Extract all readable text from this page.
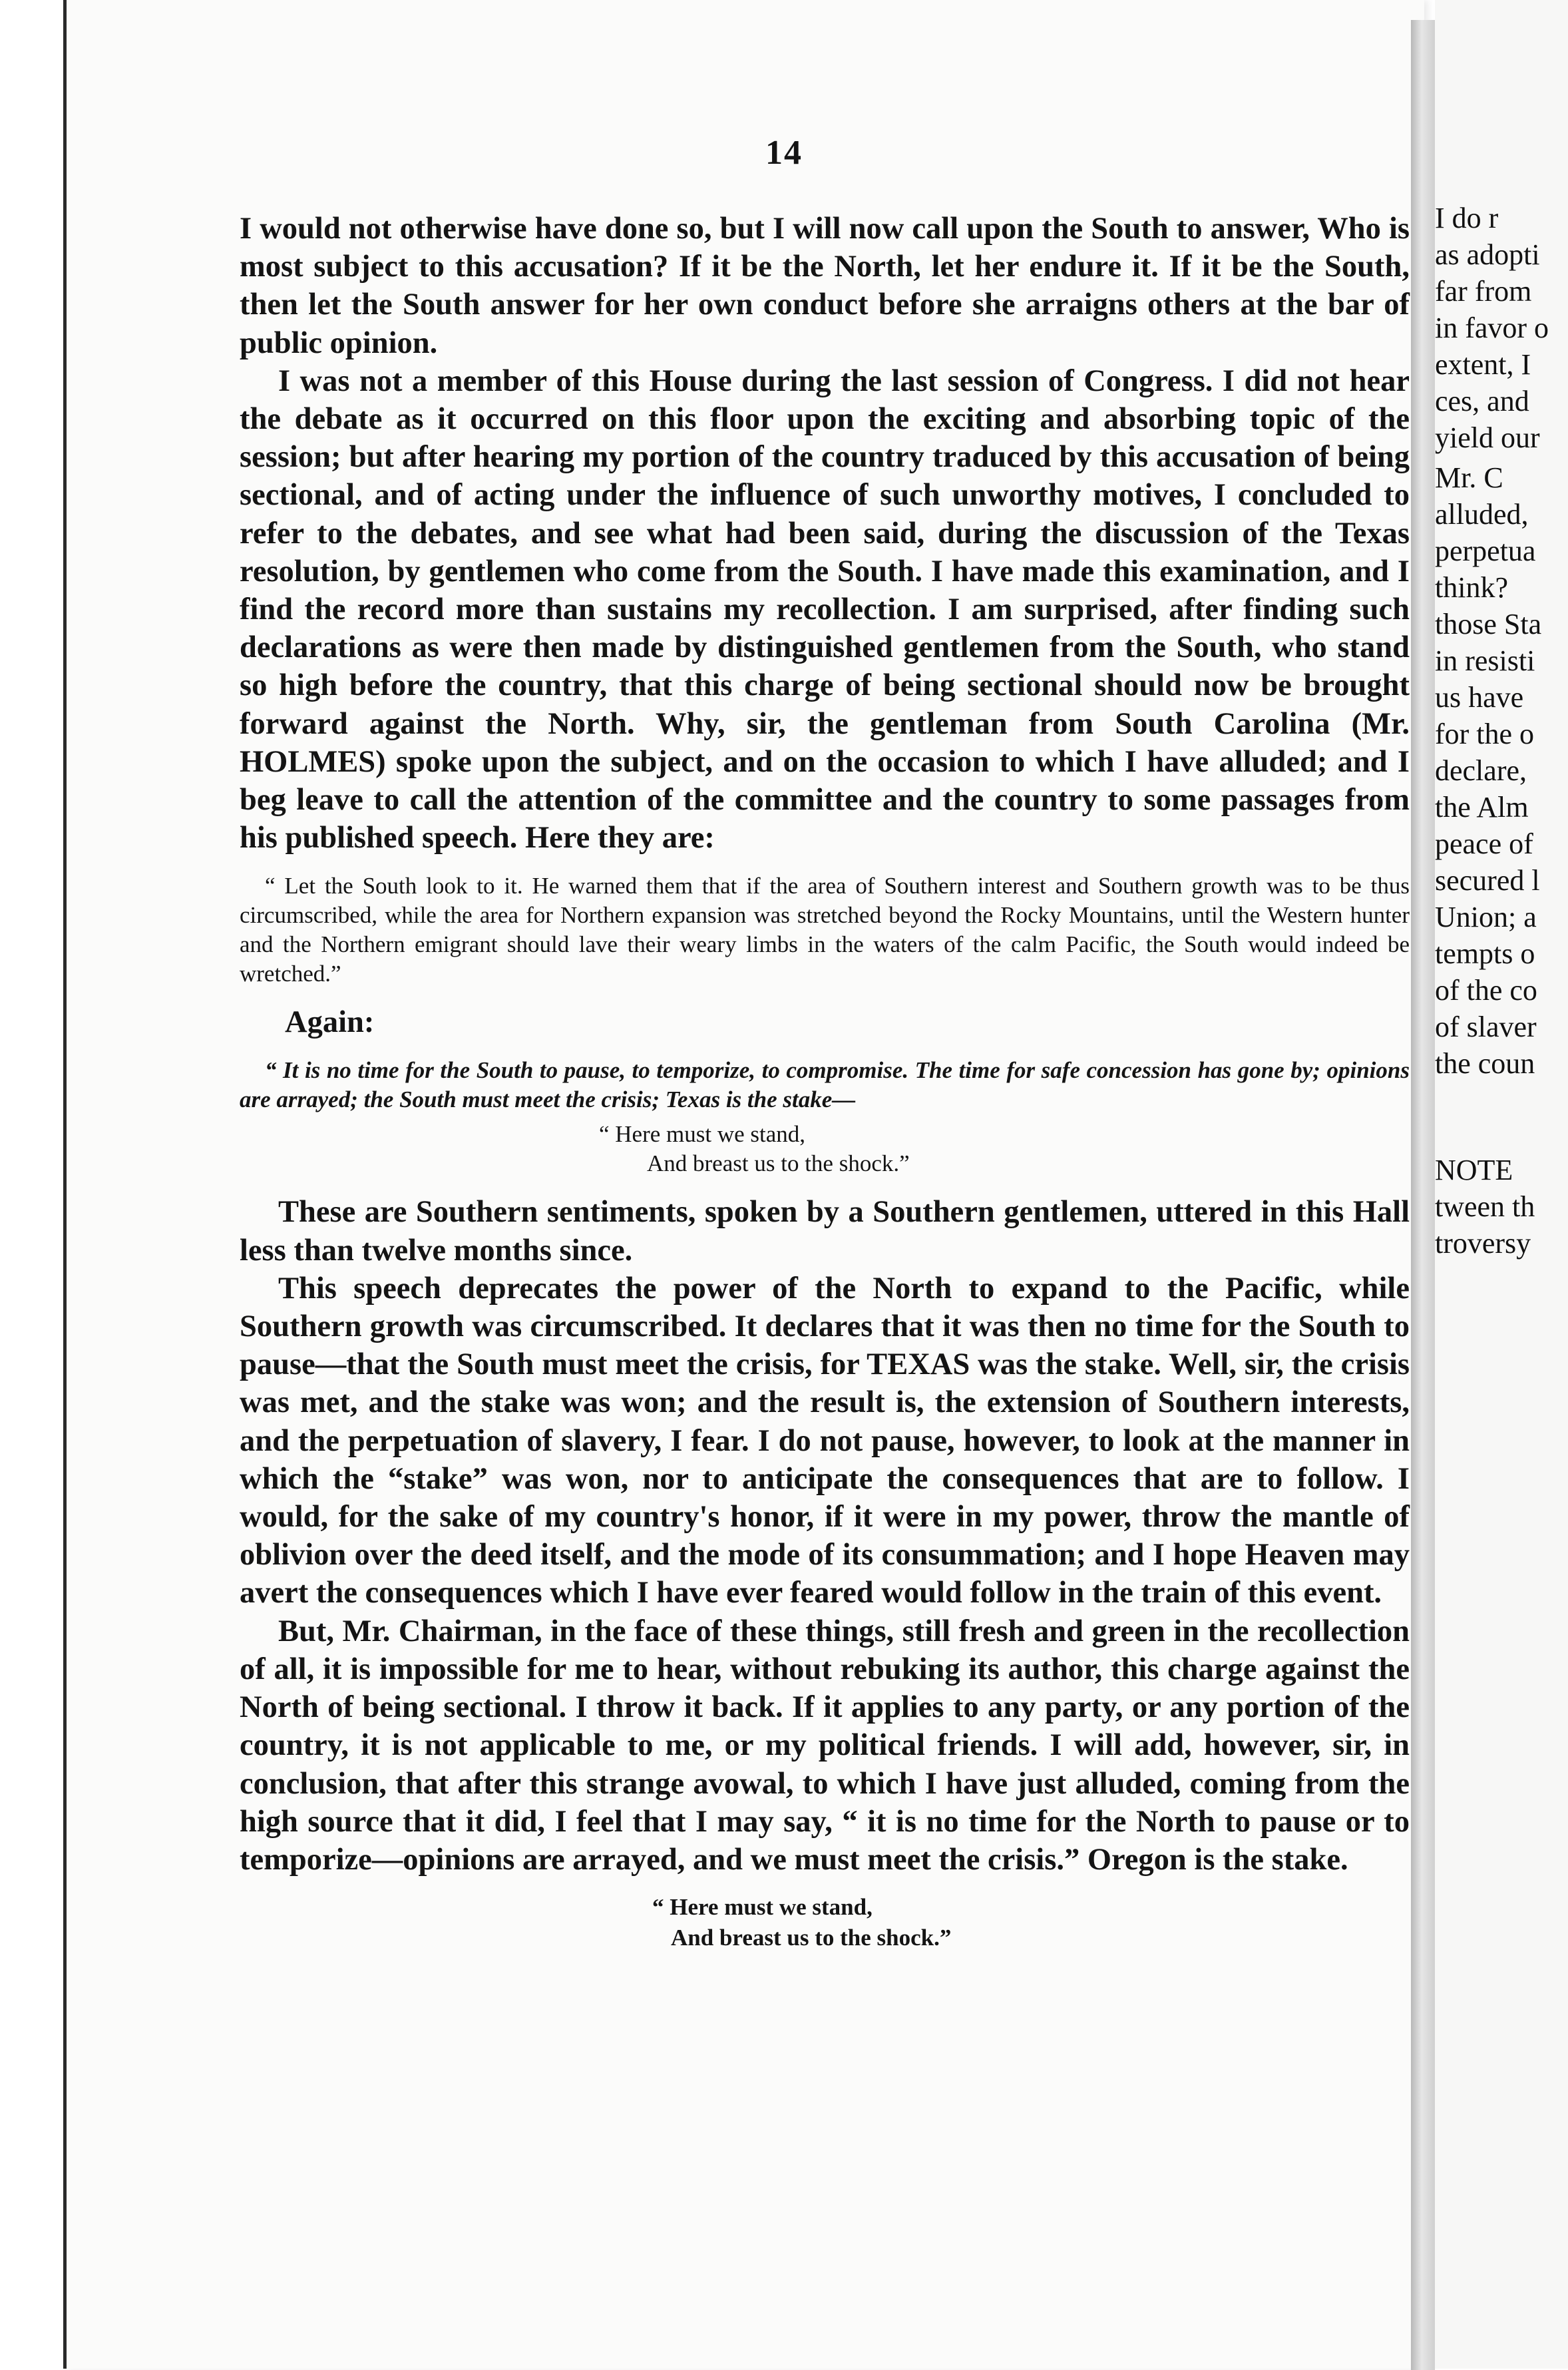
I do r
as adopti
far from
in favor o
extent, I
ces, and
yield our
Mr. C
alluded,
perpetua
think?
those Sta
in resisti
us have
for the o
declare,
the Alm
peace of
secured l
Union; a
tempts o
of the co
of slaver
the coun
NOTE
tween th
troversy
14

I would not otherwise have done so, but I will now call upon the South to answer, Who is most subject to this accusation? If it be the North, let her endure it. If it be the South, then let the South answer for her own conduct before she arraigns others at the bar of public opinion.

I was not a member of this House during the last session of Congress. I did not hear the debate as it occurred on this floor upon the exciting and absorbing topic of the session; but after hearing my portion of the country traduced by this accusation of being sectional, and of acting under the influence of such unworthy motives, I concluded to refer to the debates, and see what had been said, during the discussion of the Texas resolution, by gentlemen who come from the South. I have made this examination, and I find the record more than sustains my recollection. I am surprised, after finding such declarations as were then made by distinguished gentlemen from the South, who stand so high before the country, that this charge of being sectional should now be brought forward against the North. Why, sir, the gentleman from South Carolina (Mr. HOLMES) spoke upon the subject, and on the occasion to which I have alluded; and I beg leave to call the attention of the committee and the country to some passages from his published speech. Here they are:

“ Let the South look to it. He warned them that if the area of Southern interest and Southern growth was to be thus circumscribed, while the area for Northern expansion was stretched beyond the Rocky Mountains, until the Western hunter and the Northern emigrant should lave their weary limbs in the waters of the calm Pacific, the South would indeed be wretched.”

Again:

“ It is no time for the South to pause, to temporize, to compromise. The time for safe concession has gone by; opinions are arrayed; the South must meet the crisis; Texas is the stake—

“ Here must we stand,

And breast us to the shock.”

These are Southern sentiments, spoken by a Southern gentlemen, uttered in this Hall less than twelve months since.

This speech deprecates the power of the North to expand to the Pacific, while Southern growth was circumscribed. It declares that it was then no time for the South to pause—that the South must meet the crisis, for TEXAS was the stake. Well, sir, the crisis was met, and the stake was won; and the result is, the extension of Southern interests, and the perpetuation of slavery, I fear. I do not pause, however, to look at the manner in which the “stake” was won, nor to anticipate the consequences that are to follow. I would, for the sake of my country's honor, if it were in my power, throw the mantle of oblivion over the deed itself, and the mode of its consummation; and I hope Heaven may avert the consequences which I have ever feared would follow in the train of this event.

But, Mr. Chairman, in the face of these things, still fresh and green in the recollection of all, it is impossible for me to hear, without rebuking its author, this charge against the North of being sectional. I throw it back. If it applies to any party, or any portion of the country, it is not applicable to me, or my political friends. I will add, however, sir, in conclusion, that after this strange avowal, to which I have just alluded, coming from the high source that it did, I feel that I may say, “ it is no time for the North to pause or to temporize—opinions are arrayed, and we must meet the crisis.” Oregon is the stake.

“ Here must we stand,
And breast us to the shock.”
